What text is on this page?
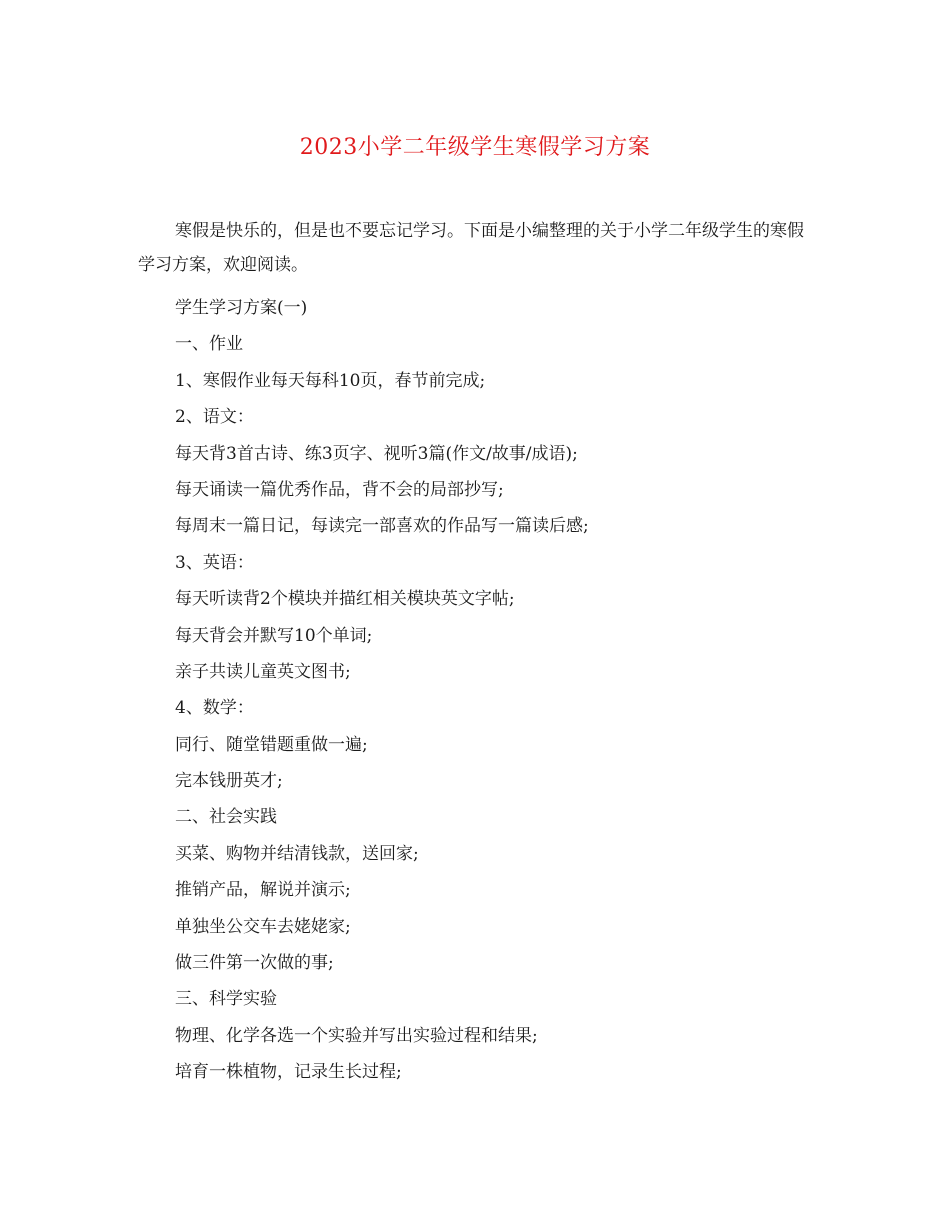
2023小学二年级学生寒假学习方案

寒假是快乐的，但是也不要忘记学习。下面是小编整理的关于小学二年级学生的寒假学习方案，欢迎阅读。

学生学习方案(一)
一、作业
1、寒假作业每天每科10页，春节前完成;
2、语文：
每天背3首古诗、练3页字、视听3篇(作文/故事/成语);
每天诵读一篇优秀作品，背不会的局部抄写;
每周末一篇日记，每读完一部喜欢的作品写一篇读后感;
3、英语：
每天听读背2个模块并描红相关模块英文字帖;
每天背会并默写10个单词;
亲子共读儿童英文图书;
4、数学：
同行、随堂错题重做一遍;
完本钱册英才;
二、社会实践
买菜、购物并结清钱款，送回家;
推销产品，解说并演示;
单独坐公交车去姥姥家;
做三件第一次做的事;
三、科学实验
物理、化学各选一个实验并写出实验过程和结果;
培育一株植物，记录生长过程;
